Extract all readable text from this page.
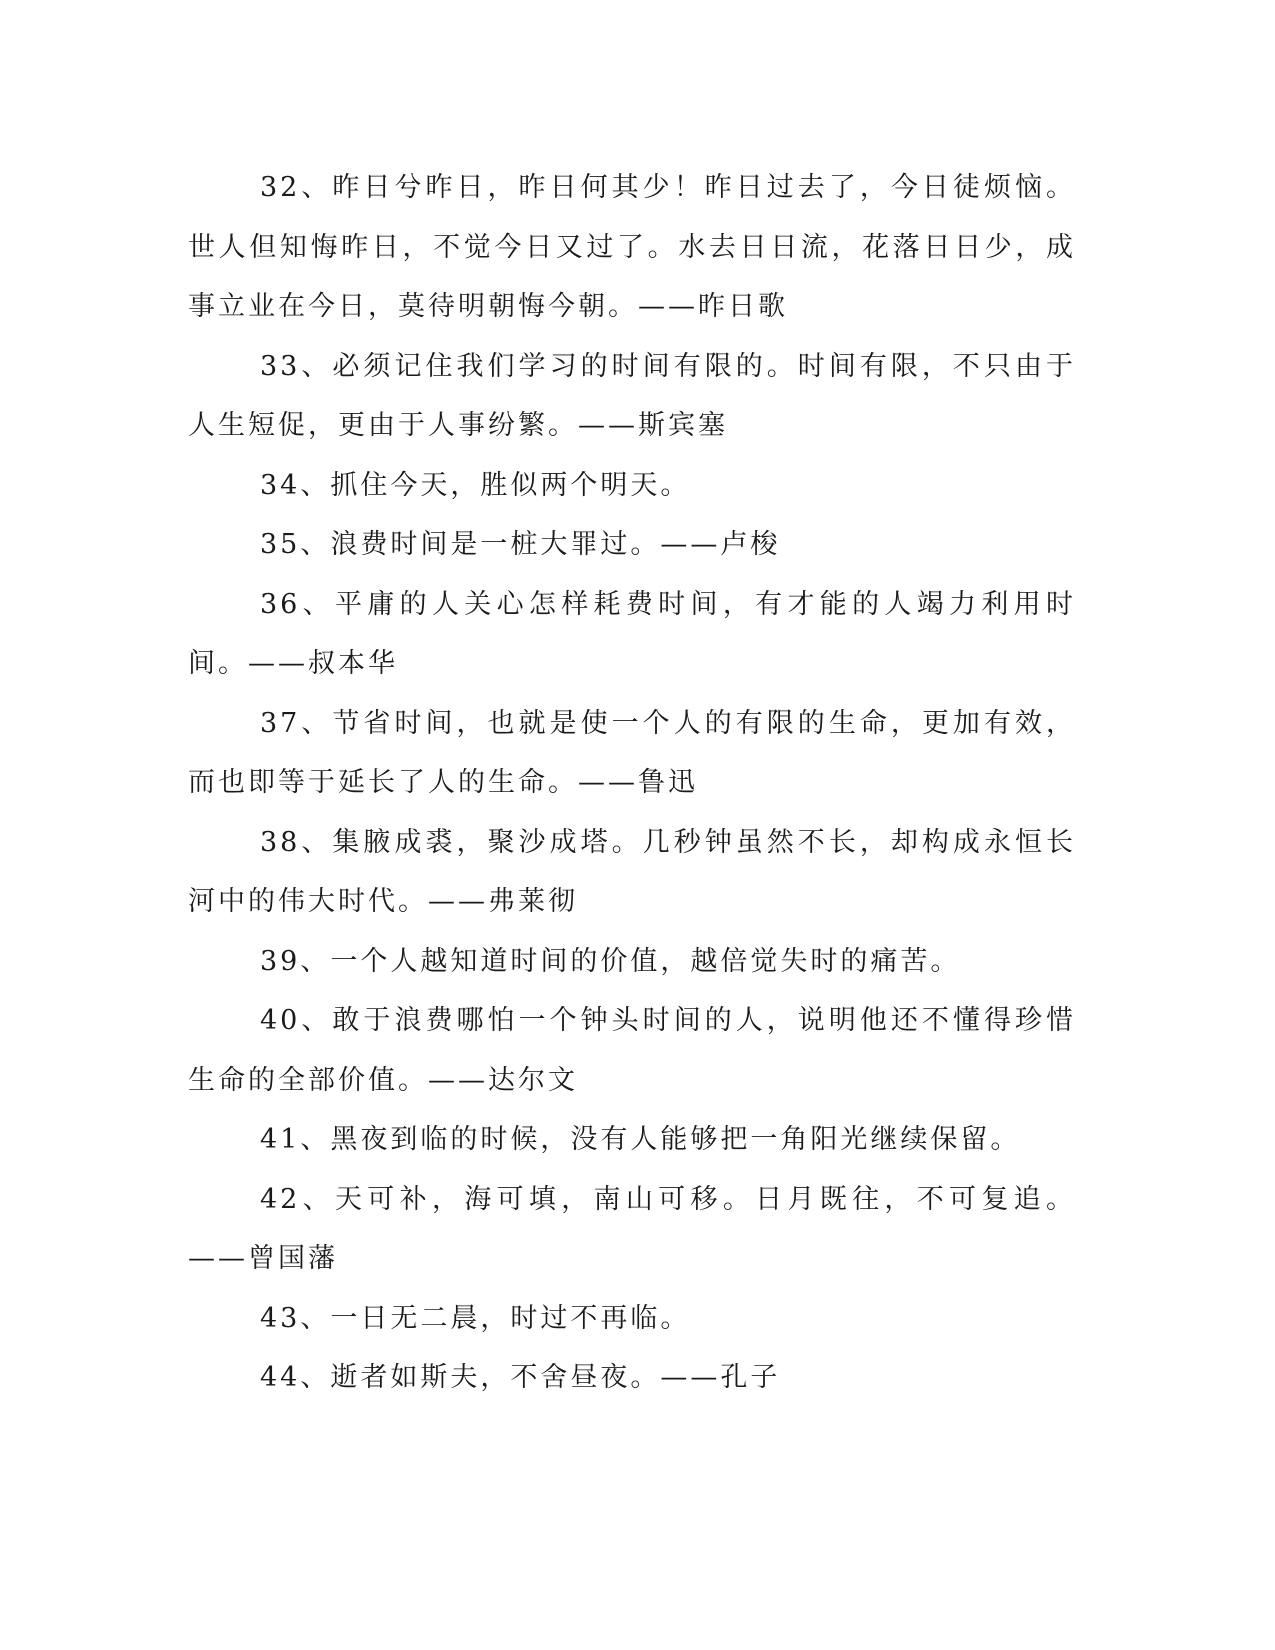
32、昨日兮昨日，昨日何其少！昨日过去了，今日徒烦恼。世人但知悔昨日，不觉今日又过了。水去日日流，花落日日少，成事立业在今日，莫待明朝悔今朝。——昨日歌

33、必须记住我们学习的时间有限的。时间有限，不只由于人生短促，更由于人事纷繁。——斯宾塞

34、抓住今天，胜似两个明天。

35、浪费时间是一桩大罪过。——卢梭

36、平庸的人关心怎样耗费时间，有才能的人竭力利用时间。——叔本华

37、节省时间，也就是使一个人的有限的生命，更加有效，而也即等于延长了人的生命。——鲁迅

38、集腋成裘，聚沙成塔。几秒钟虽然不长，却构成永恒长河中的伟大时代。——弗莱彻

39、一个人越知道时间的价值，越倍觉失时的痛苦。

40、敢于浪费哪怕一个钟头时间的人，说明他还不懂得珍惜生命的全部价值。——达尔文

41、黑夜到临的时候，没有人能够把一角阳光继续保留。

42、天可补，海可填，南山可移。日月既往，不可复追。——曾国藩

43、一日无二晨，时过不再临。

44、逝者如斯夫，不舍昼夜。——孔子
